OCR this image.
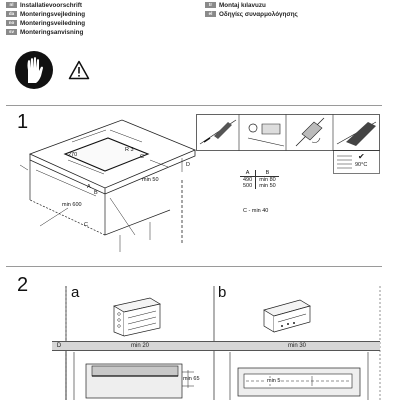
nl	Installatievoorschrift
da Monteringsvejledning
no Monteringsveiledning
sv Monteringsanvisning
tr	Montaj kılavuzu
el	Οδηγίες συναρμολόγησης
1
270
R 3
C
A
B
min 50
D
min 600
C
✔
90°C
A	B
490	min 80
500	min 50
C - min 40
2	a	b
D	min 20	min 30
min 65	min 5
